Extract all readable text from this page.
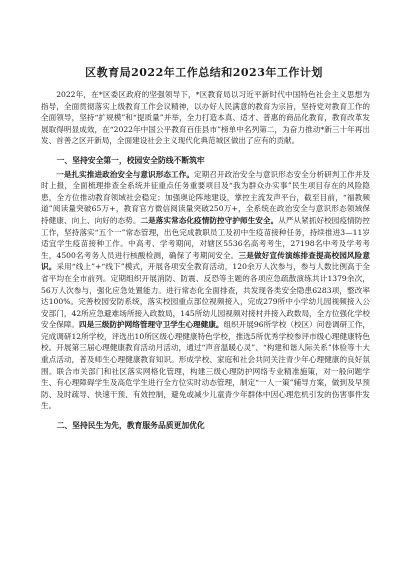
区教育局2022年工作总结和2023年工作计划

2022年，在*区委区政府的坚强领导下，*区教育局以习近平新时代中国特色社会主义思想为指导，全面贯彻落实上级教育工作会议精神，以办好人民满意的教育为宗旨，坚持党对教育工作的全面领导，坚持“扩规模”和“提质量”并举，全力打造本真、适才、普惠的商品化教育，教育改革发展取得明显成效，在“2022年中国公平教育百佳县市”榜单中名列第二，为奋力推动*新三十年再出发、首善之区开新局，全面建设社会主义现代化典范城区做出了应有的贡献。

一、坚持安全第一，校园安全防线不断筑牢

一是扎实推进政治安全与意识形态工作。定期召开政治安全与意识形态安全分析研判工作并及时上报，全面梳理排查全系统并征重点任务重要项目及“我为群众办实事”民生项目存在的风险隐患，全方位推动教育领域社会稳定；加强奥论阵地建设，掌控主流发声平台，截至目前，“福教频道”阅读量突破65万+，教育官方微信阅读量突破250万+，全系统在政治安全与意识形态领域保持健康、向上、向好的态势。二是落实常态化疫情防控守护师生安全。从严从紧抓好校园疫情防控工作，坚持落实“五个一”常态管理，出色完成教职员工及初中生疫苗接种任务，持续推进3—11岁适宜学生疫苗接种工作。中高考、学考期间，对辖区5536名高考考生，27198名中考及学考考生，4500名考务人员进行核酸检测，确保了考期间安全。三是做好宣传演练排查提高校园风险意识。采用“线上”+“线下”模式，开展各项安全教育活动，120余万人次参与，参与人数比例高于全省平均在全市前列。定期组织开展消防、防震、反恐等主题的各项应急疏散演练共计1379余次，56万人次参与，强化应急处置能力。进行常态化全面排查，共发现各类安全隐患6283项，整改率达100%。完善校园安防系统，落实校园重点部位视频接入，完成279所中小学幼儿园视频接入公安部门，42所应急避难场所接入政数局，145所幼儿园视频对接村并接入政数局，全方位强化学校安全保障。四是三级防护网络管理守卫学生心理健康。组织开展96所学校（校区）问卷调研工作，完成调研12所学校，评选出10所区级心理健康特色学校，推选5所优秀学校参评市级心理健康特色校。开展第三届心理健康教育活动月活动，通过“声音温暖心灵”、“构建和谐人际关系”体验等十大重点活动，普及师生心理健康教育知识。形成学校、家庭和社会共同关注青少年心理健康的良好氛围。联合市关部门和社区落实网格化管理，构建三级心理防护网络专业精准施策，对一般问题学生、有心理障碍学生及高危学生进行全方位实时动态管理，制定“一人一策”辅导方案，做到及早预防、及时疏导、快速干预、有效控制，避免或减少儿童青少年群体中因心理危机引发的伤害事件发生。

二、坚持民生为先，教育服务品质更加优化
